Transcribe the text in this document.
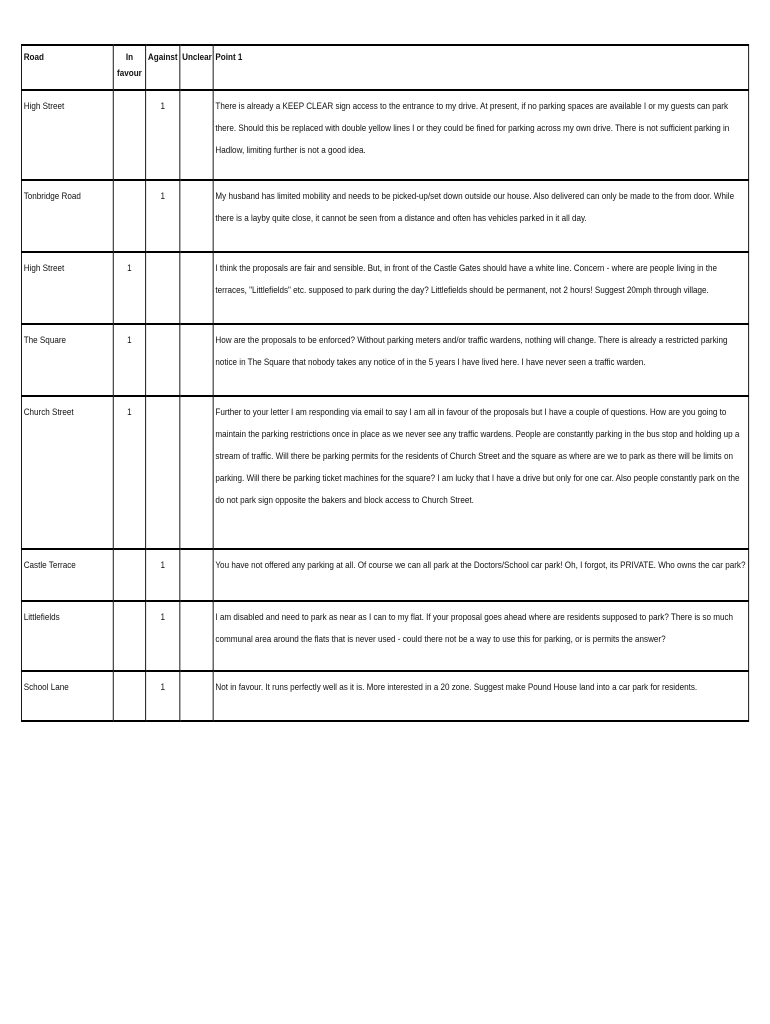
Road	In favour	Against	Unclear	Point 1
High Street		1		There is already a KEEP CLEAR sign access to the entrance to my drive. At present, if no parking spaces are available I or my guests can park there. Should this be replaced with double yellow lines I or they could be fined for parking across my own drive. There is not sufficient parking in Hadlow, limiting further is not a good idea.
Tonbridge Road		1		My husband has limited mobility and needs to be picked-up/set down outside our house. Also delivered can only be made to the from door. While there is a layby quite close, it cannot be seen from a distance and often has vehicles parked in it all day.
High Street	1			I think the proposals are fair and sensible. But, in front of the Castle Gates should have a white line. Concern - where are people living in the terraces, "Littlefields" etc. supposed to park during the day? Littlefields should be permanent, not 2 hours! Suggest 20mph through village.
The Square	1			How are the proposals to be enforced? Without parking meters and/or traffic wardens, nothing will change. There is already a restricted parking notice in The Square that nobody takes any notice of in the 5 years I have lived here. I have never seen a traffic warden.
Church Street	1			Further to your letter I am responding via email to say I am all in favour of the proposals but I have a couple of questions. How are you going to maintain the parking restrictions once in place as we never see any traffic wardens. People are constantly parking in the bus stop and holding up a stream of traffic. Will there be parking permits for the residents of Church Street and the square as where are we to park as there will be limits on parking. Will there be parking ticket machines for the square? I am lucky that I have a drive but only for one car. Also people constantly park on the do not park sign opposite the bakers and block access to Church Street.
Castle Terrace		1		You have not offered any parking at all. Of course we can all park at the Doctors/School car park! Oh, I forgot, its PRIVATE. Who owns the car park?
Littlefields		1		I am disabled and need to park as near as I can to my flat. If your proposal goes ahead where are residents supposed to park? There is so much communal area around the flats that is never used - could there not be a way to use this for parking, or is permits the answer?
School Lane		1		Not in favour. It runs perfectly well as it is. More interested in a 20 zone. Suggest make Pound House land into a car park for residents.
